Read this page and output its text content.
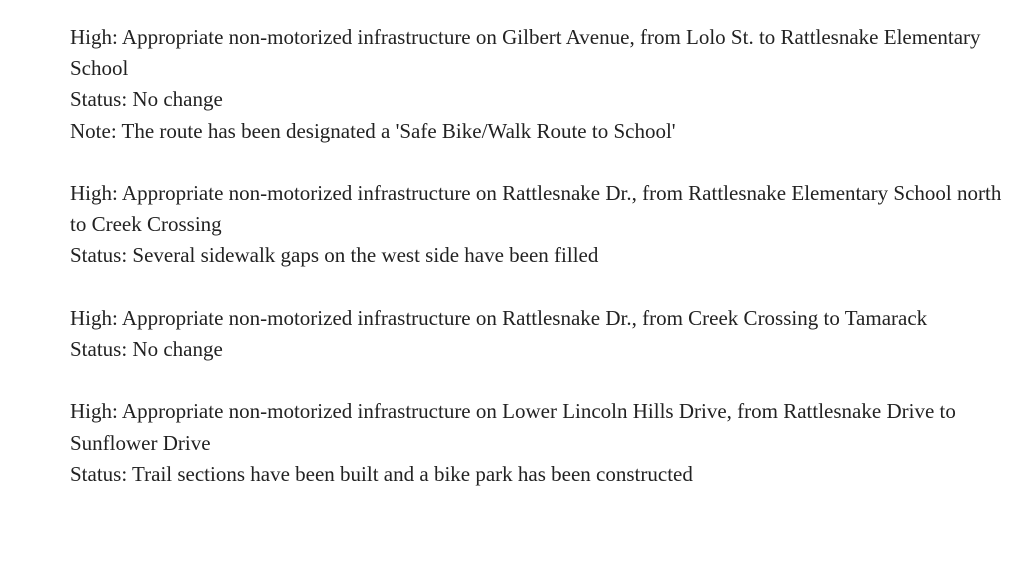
High: Appropriate non-motorized infrastructure on Gilbert Avenue, from Lolo St. to Rattlesnake Elementary School

Status: No change

Note: The route has been designated a 'Safe Bike/Walk Route to School'

High: Appropriate non-motorized infrastructure on Rattlesnake Dr., from Rattlesnake Elementary School north to Creek Crossing

Status: Several sidewalk gaps on the west side have been filled

High: Appropriate non-motorized infrastructure on Rattlesnake Dr., from Creek Crossing to Tamarack

Status: No change

High: Appropriate non-motorized infrastructure on Lower Lincoln Hills Drive, from Rattlesnake Drive to Sunflower Drive

Status: Trail sections have been built and a bike park has been constructed
